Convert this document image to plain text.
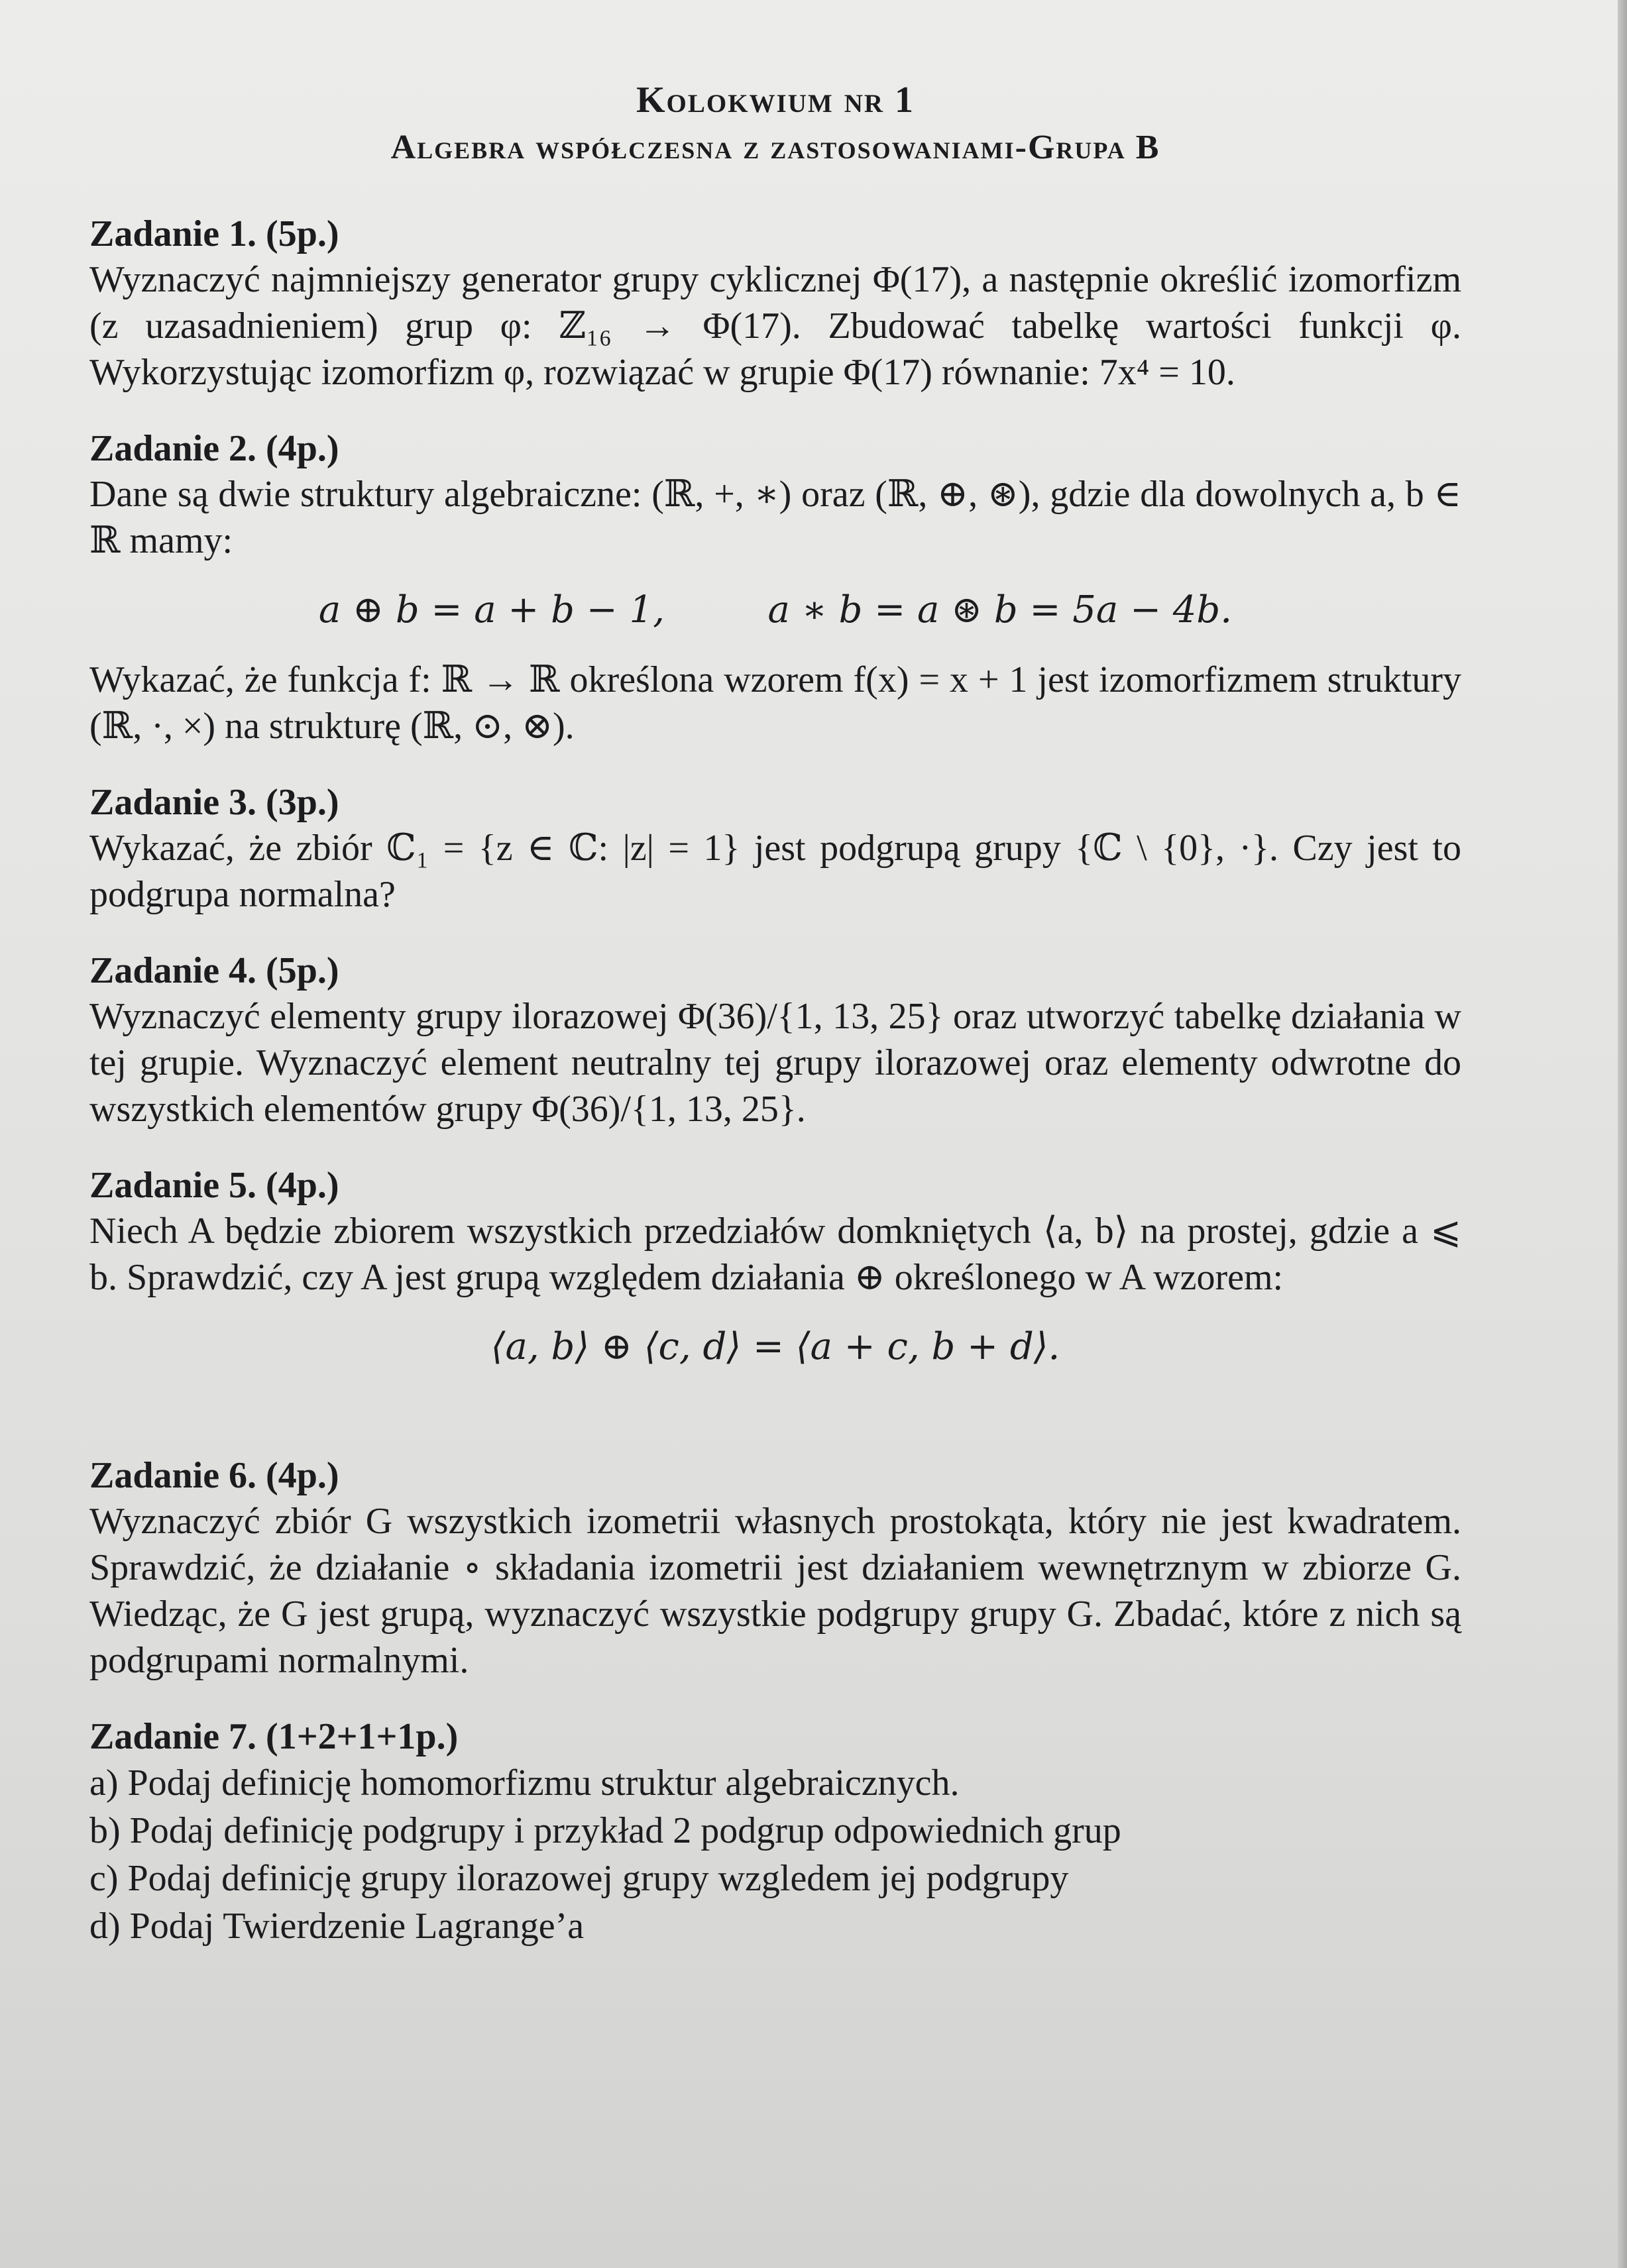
Kolokwium nr 1
Algebra współczesna z zastosowaniami-Grupa B
Zadanie 1. (5p.)
Wyznaczyć najmniejszy generator grupy cyklicznej Φ(17), a następnie określić izomorfizm (z uzasadnieniem) grup φ: ℤ₁₆ → Φ(17). Zbudować tabelkę wartości funkcji φ. Wykorzystując izomorfizm φ, rozwiązać w grupie Φ(17) równanie: 7x⁴ = 10.
Zadanie 2. (4p.)
Dane są dwie struktury algebraiczne: (ℝ, +, ∗) oraz (ℝ, ⊕, ⊛), gdzie dla dowolnych a, b ∈ ℝ mamy:
a ⊕ b = a + b − 1,	a ∗ b = a ⊛ b = 5a − 4b.
Wykazać, że funkcja f: ℝ → ℝ określona wzorem f(x) = x + 1 jest izomorfizmem struktury (ℝ, ·, ×) na strukturę (ℝ, ⊙, ⊗).
Zadanie 3. (3p.)
Wykazać, że zbiór ℂ₁ = {z ∈ ℂ: |z| = 1} jest podgrupą grupy {ℂ \ {0}, ·}. Czy jest to podgrupa normalna?
Zadanie 4. (5p.)
Wyznaczyć elementy grupy ilorazowej Φ(36)/{1, 13, 25} oraz utworzyć tabelkę działania w tej grupie. Wyznaczyć element neutralny tej grupy ilorazowej oraz elementy odwrotne do wszystkich elementów grupy Φ(36)/{1, 13, 25}.
Zadanie 5. (4p.)
Niech A będzie zbiorem wszystkich przedziałów domkniętych ⟨a, b⟩ na prostej, gdzie a ⩽ b. Sprawdzić, czy A jest grupą względem działania ⊕ określonego w A wzorem:
⟨a, b⟩ ⊕ ⟨c, d⟩ = ⟨a + c, b + d⟩.
Zadanie 6. (4p.)
Wyznaczyć zbiór G wszystkich izometrii własnych prostokąta, który nie jest kwadratem. Sprawdzić, że działanie ∘ składania izometrii jest działaniem wewnętrznym w zbiorze G. Wiedząc, że G jest grupą, wyznaczyć wszystkie podgrupy grupy G. Zbadać, które z nich są podgrupami normalnymi.
Zadanie 7. (1+2+1+1p.)
a) Podaj definicję homomorfizmu struktur algebraicznych.
b) Podaj definicję podgrupy i przykład 2 podgrup odpowiednich grup
c) Podaj definicję grupy ilorazowej grupy wzgledem jej podgrupy
d) Podaj Twierdzenie Lagrange’a
